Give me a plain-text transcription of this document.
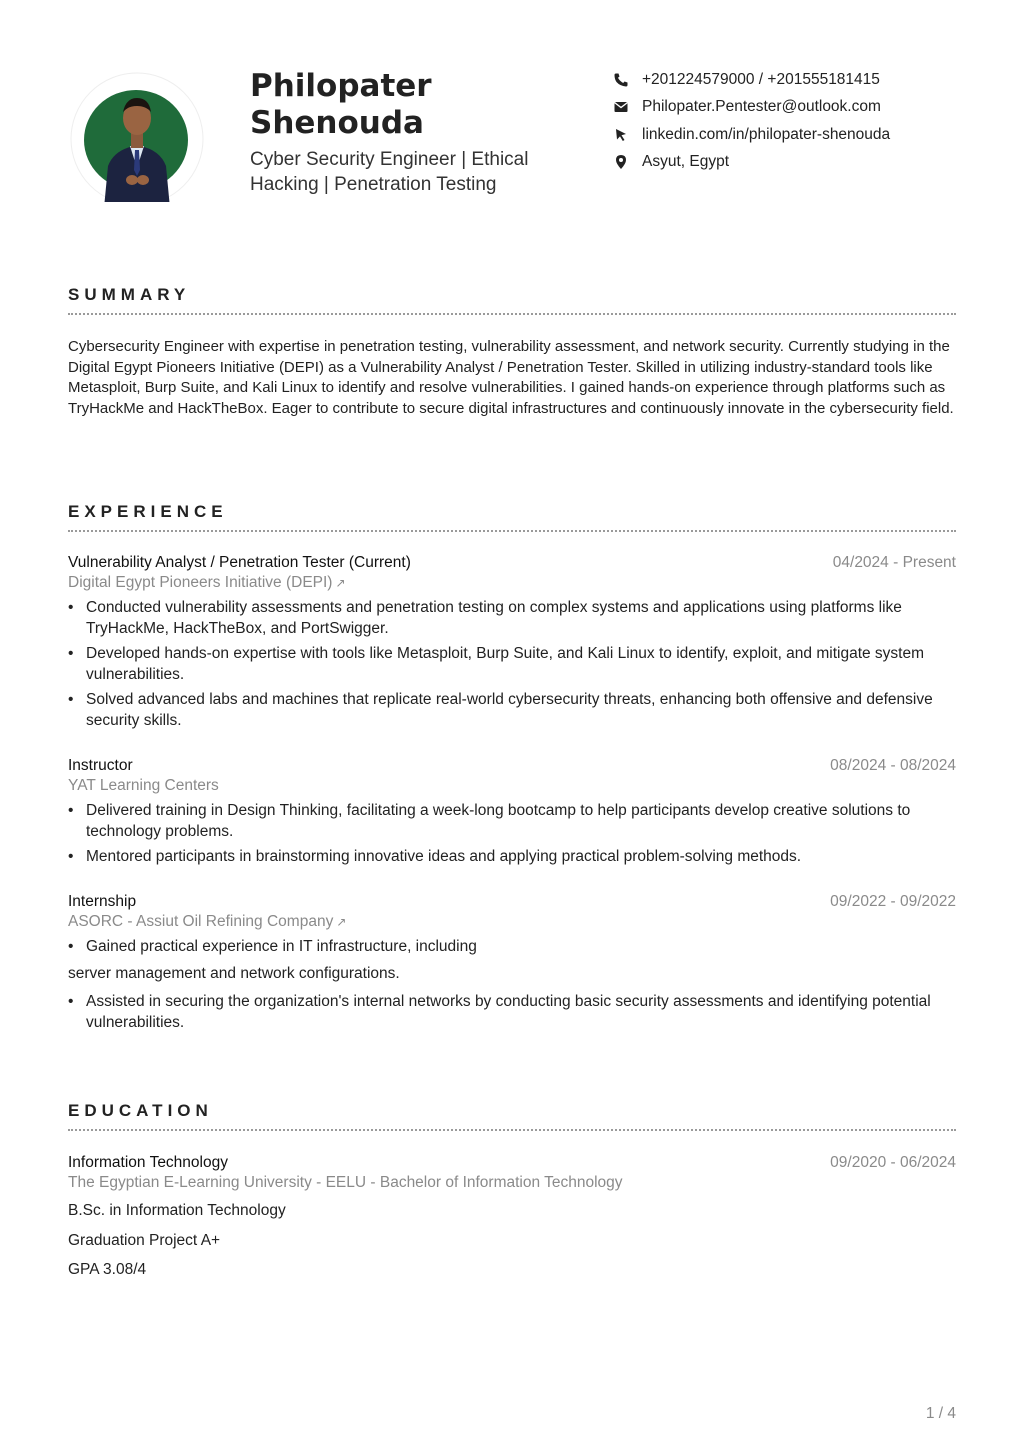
Philopater Shenouda

Cyber Security Engineer | Ethical Hacking | Penetration Testing

+201224579000 / +201555181415
Philopater.Pentester@outlook.com
linkedin.com/in/philopater-shenouda
Asyut, Egypt
SUMMARY

Cybersecurity Engineer with expertise in penetration testing, vulnerability assessment, and network security. Currently studying in the Digital Egypt Pioneers Initiative (DEPI) as a Vulnerability Analyst / Penetration Tester. Skilled in utilizing industry-standard tools like Metasploit, Burp Suite, and Kali Linux to identify and resolve vulnerabilities. I gained hands-on experience through platforms such as TryHackMe and HackTheBox. Eager to contribute to secure digital infrastructures and continuously innovate in the cybersecurity field.

EXPERIENCE
Vulnerability Analyst / Penetration Tester (Current)	04/2024 - Present
Digital Egypt Pioneers Initiative (DEPI) ↗
• Conducted vulnerability assessments and penetration testing on complex systems and applications using platforms like TryHackMe, HackTheBox, and PortSwigger.
• Developed hands-on expertise with tools like Metasploit, Burp Suite, and Kali Linux to identify, exploit, and mitigate system vulnerabilities.
• Solved advanced labs and machines that replicate real-world cybersecurity threats, enhancing both offensive and defensive security skills.
Instructor	08/2024 - 08/2024
YAT Learning Centers
• Delivered training in Design Thinking, facilitating a week-long bootcamp to help participants develop creative solutions to technology problems.
• Mentored participants in brainstorming innovative ideas and applying practical problem-solving methods.
Internship	09/2022 - 09/2022
ASORC - Assiut Oil Refining Company ↗
• Gained practical experience in IT infrastructure, including
server management and network configurations.
• Assisted in securing the organization's internal networks by conducting basic security assessments and identifying potential vulnerabilities.
EDUCATION
Information Technology	09/2020 - 06/2024
The Egyptian E-Learning University - EELU - Bachelor of Information Technology
B.Sc. in Information Technology
Graduation Project A+
GPA 3.08/4
1 / 4
